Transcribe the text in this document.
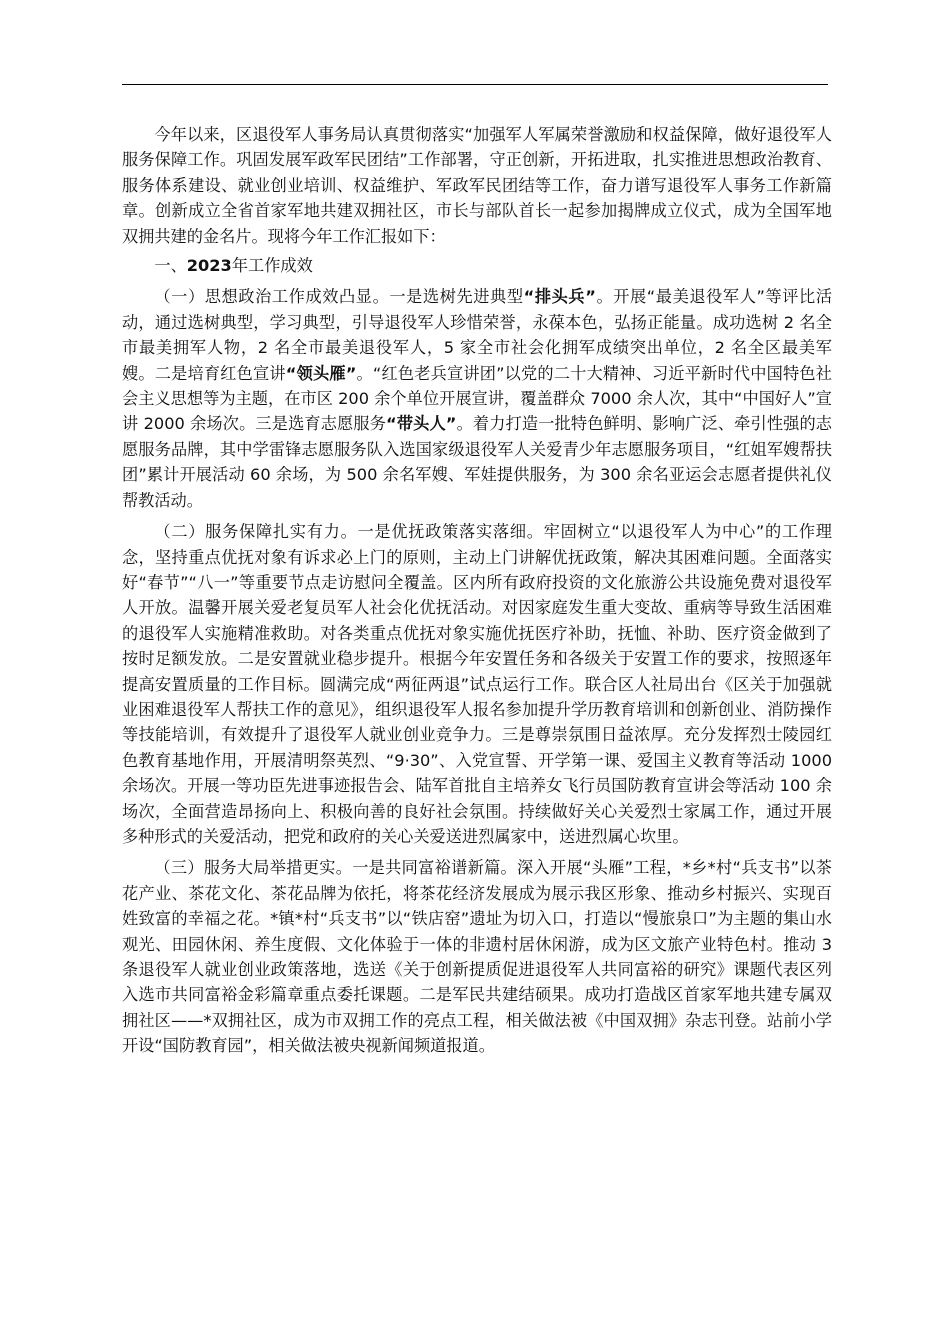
今年以来，区退役军人事务局认真贯彻落实“加强军人军属荣誉激励和权益保障，做好退役军人服务保障工作。巩固发展军政军民团结”工作部署，守正创新，开拓进取，扎实推进思想政治教育、服务体系建设、就业创业培训、权益维护、军政军民团结等工作，奋力谱写退役军人事务工作新篇章。创新成立全省首家军地共建双拥社区，市长与部队首长一起参加揭牌成立仪式，成为全国军地双拥共建的金名片。现将今年工作汇报如下：

一、2023年工作成效

（一）思想政治工作成效凸显。一是选树先进典型“排头兵”。开展“最美退役军人”等评比活动，通过选树典型，学习典型，引导退役军人珍惜荣誉，永葆本色，弘扬正能量。成功选树 2 名全市最美拥军人物，2 名全市最美退役军人，5 家全市社会化拥军成绩突出单位，2 名全区最美军嫂。二是培育红色宣讲“领头雁”。“红色老兵宣讲团”以党的二十大精神、习近平新时代中国特色社会主义思想等为主题，在市区 200 余个单位开展宣讲，覆盖群众 7000 余人次，其中“中国好人”宣讲 2000 余场次。三是选育志愿服务“带头人”。着力打造一批特色鲜明、影响广泛、牵引性强的志愿服务品牌，其中学雷锋志愿服务队入选国家级退役军人关爱青少年志愿服务项目，“红姐军嫂帮扶团”累计开展活动 60 余场，为 500 余名军嫂、军娃提供服务，为 300 余名亚运会志愿者提供礼仪帮教活动。

（二）服务保障扎实有力。一是优抚政策落实落细。牢固树立“以退役军人为中心”的工作理念，坚持重点优抚对象有诉求必上门的原则，主动上门讲解优抚政策，解决其困难问题。全面落实好“春节”“八一”等重要节点走访慰问全覆盖。区内所有政府投资的文化旅游公共设施免费对退役军人开放。温馨开展关爱老复员军人社会化优抚活动。对因家庭发生重大变故、重病等导致生活困难的退役军人实施精准救助。对各类重点优抚对象实施优抚医疗补助，抚恤、补助、医疗资金做到了按时足额发放。二是安置就业稳步提升。根据今年安置任务和各级关于安置工作的要求，按照逐年提高安置质量的工作目标。圆满完成“两征两退”试点运行工作。联合区人社局出台《区关于加强就业困难退役军人帮扶工作的意见》，组织退役军人报名参加提升学历教育培训和创新创业、消防操作等技能培训，有效提升了退役军人就业创业竞争力。三是尊崇氛围日益浓厚。充分发挥烈士陵园红色教育基地作用，开展清明祭英烈、“9·30”、入党宣誓、开学第一课、爱国主义教育等活动 1000 余场次。开展一等功臣先进事迹报告会、陆军首批自主培养女飞行员国防教育宣讲会等活动 100 余场次，全面营造昂扬向上、积极向善的良好社会氛围。持续做好关心关爱烈士家属工作，通过开展多种形式的关爱活动，把党和政府的关心关爱送进烈属家中，送进烈属心坎里。

（三）服务大局举措更实。一是共同富裕谱新篇。深入开展“头雁”工程，*乡*村“兵支书”以茶花产业、茶花文化、茶花品牌为依托，将茶花经济发展成为展示我区形象、推动乡村振兴、实现百姓致富的幸福之花。*镇*村“兵支书”以“铁店窑”遗址为切入口，打造以“慢旅泉口”为主题的集山水观光、田园休闲、养生度假、文化体验于一体的非遗村居休闲游，成为区文旅产业特色村。推动 3 条退役军人就业创业政策落地，选送《关于创新提质促进退役军人共同富裕的研究》课题代表区列入选市共同富裕金彩篇章重点委托课题。二是军民共建结硕果。成功打造战区首家军地共建专属双拥社区——*双拥社区，成为市双拥工作的亮点工程，相关做法被《中国双拥》杂志刊登。站前小学开设“国防教育园”，相关做法被央视新闻频道报道。
